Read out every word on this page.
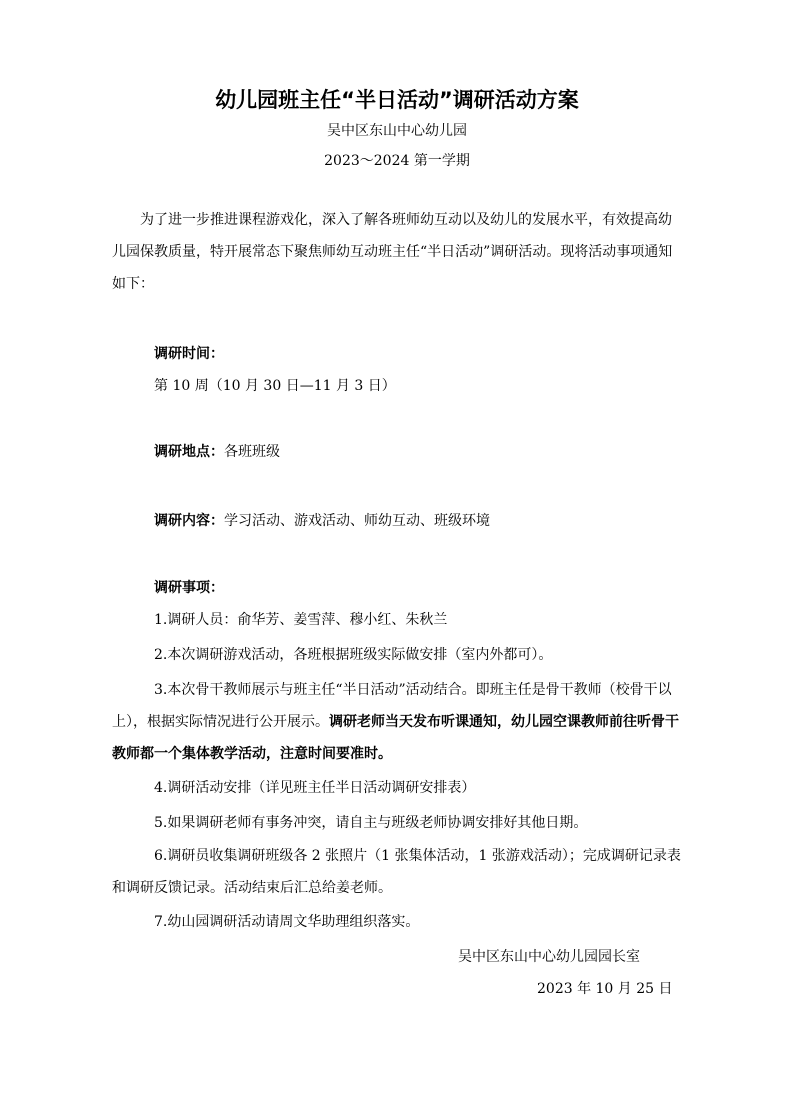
幼儿园班主任“半日活动”调研活动方案
吴中区东山中心幼儿园
2023～2024 第一学期
为了进一步推进课程游戏化，深入了解各班师幼互动以及幼儿的发展水平，有效提高幼儿园保教质量，特开展常态下聚焦师幼互动班主任“半日活动”调研活动。现将活动事项通知如下：
调研时间：
第 10 周（10 月 30 日—11 月 3 日）
调研地点：各班班级
调研内容：学习活动、游戏活动、师幼互动、班级环境
调研事项：
1.调研人员：俞华芳、姜雪萍、穆小红、朱秋兰
2.本次调研游戏活动，各班根据班级实际做安排（室内外都可）。
3.本次骨干教师展示与班主任“半日活动”活动结合。即班主任是骨干教师（校骨干以上），根据实际情况进行公开展示。调研老师当天发布听课通知，幼儿园空课教师前往听骨干教师都一个集体教学活动，注意时间要准时。
4.调研活动安排（详见班主任半日活动调研安排表）
5.如果调研老师有事务冲突，请自主与班级老师协调安排好其他日期。
6.调研员收集调研班级各 2 张照片（1 张集体活动，1 张游戏活动）；完成调研记录表和调研反馈记录。活动结束后汇总给姜老师。
7.幼山园调研活动请周文华助理组织落实。
吴中区东山中心幼儿园园长室
2023 年 10 月 25 日
